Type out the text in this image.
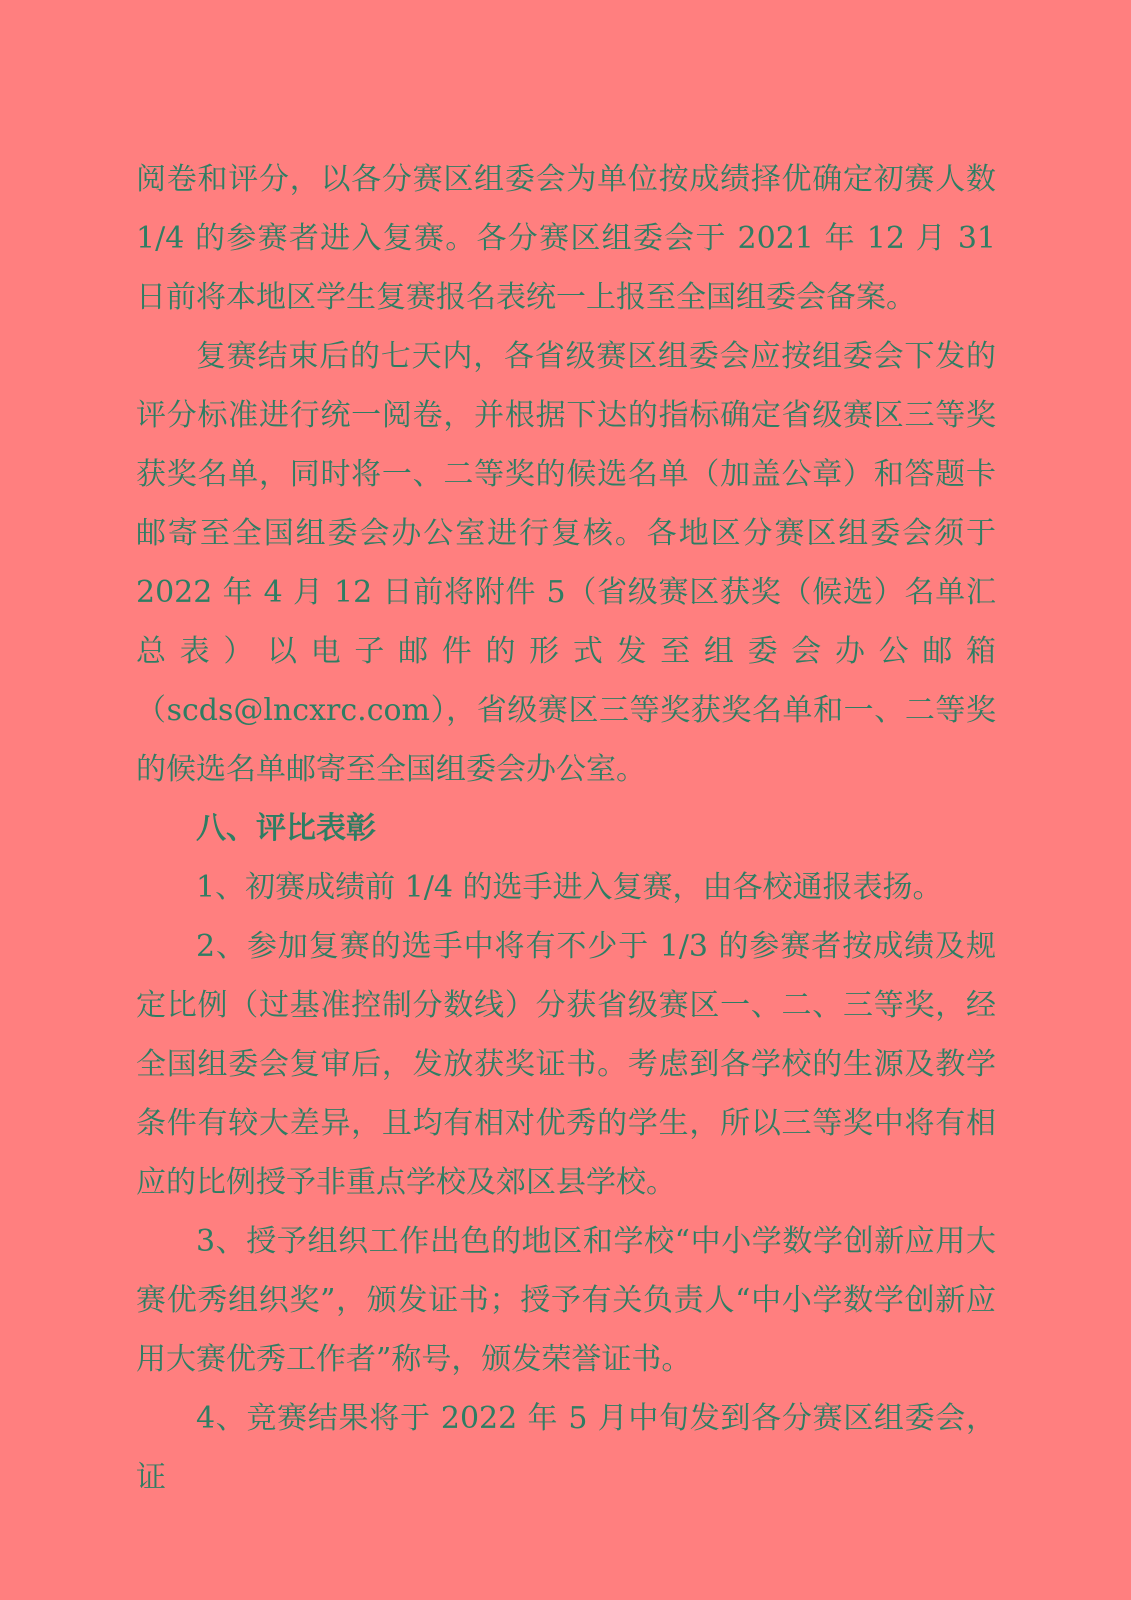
阅卷和评分，以各分赛区组委会为单位按成绩择优确定初赛人数1/4 的参赛者进入复赛。各分赛区组委会于 2021 年 12 月 31 日前将本地区学生复赛报名表统一上报至全国组委会备案。

复赛结束后的七天内，各省级赛区组委会应按组委会下发的评分标准进行统一阅卷，并根据下达的指标确定省级赛区三等奖获奖名单，同时将一、二等奖的候选名单（加盖公章）和答题卡邮寄至全国组委会办公室进行复核。各地区分赛区组委会须于 2022 年 4 月 12 日前将附件 5（省级赛区获奖（候选）名单汇总表）以电子邮件的形式发至组委会办公邮箱（scds@lncxrc.com），省级赛区三等奖获奖名单和一、二等奖的候选名单邮寄至全国组委会办公室。

八、评比表彰

1、初赛成绩前 1/4 的选手进入复赛，由各校通报表扬。

2、参加复赛的选手中将有不少于 1/3 的参赛者按成绩及规定比例（过基准控制分数线）分获省级赛区一、二、三等奖，经全国组委会复审后，发放获奖证书。考虑到各学校的生源及教学条件有较大差异，且均有相对优秀的学生，所以三等奖中将有相应的比例授予非重点学校及郊区县学校。

3、授予组织工作出色的地区和学校“中小学数学创新应用大赛优秀组织奖”，颁发证书；授予有关负责人“中小学数学创新应用大赛优秀工作者”称号，颁发荣誉证书。

4、竞赛结果将于 2022 年 5 月中旬发到各分赛区组委会，证
